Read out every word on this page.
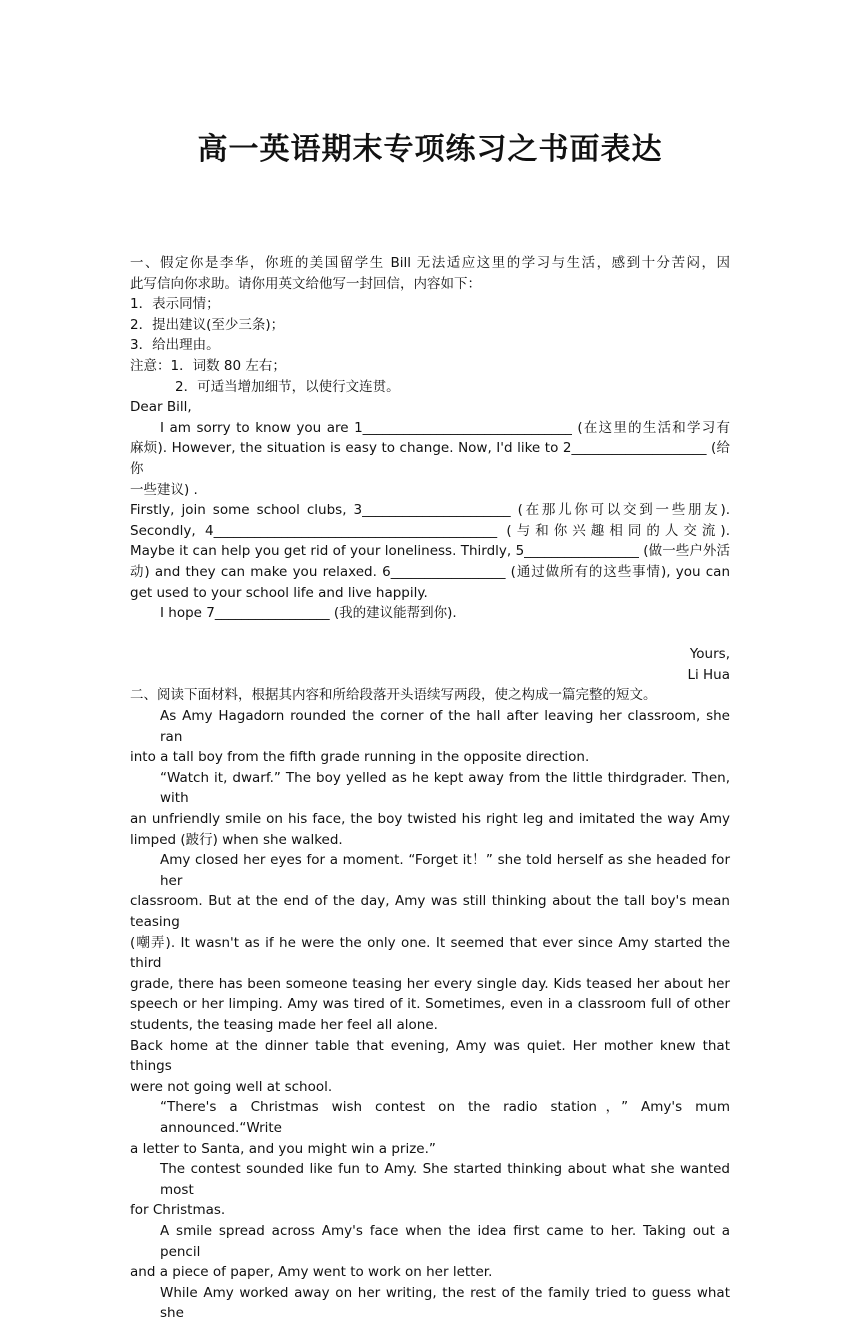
高一英语期末专项练习之书面表达
一、假定你是李华，你班的美国留学生 Bill 无法适应这里的学习与生活，感到十分苦闷，因
此写信向你求助。请你用英文给他写一封回信，内容如下：
1．表示同情；
2．提出建议(至少三条)；
3．给出理由。
注意：1．词数 80 左右；
2．可适当增加细节，以使行文连贯。
Dear Bill,
I am sorry to know you are 1_______________________________ (在这里的生活和学习有
麻烦). However, the situation is easy to change. Now, I'd like to 2____________________ (给你
一些建议) .
Firstly, join some school clubs, 3______________________ (在那儿你可以交到一些朋友).
Secondly, 4__________________________________________ (与和你兴趣相同的人交流).
Maybe it can help you get rid of your loneliness. Thirdly, 5_________________ (做一些户外活
动) and they can make you relaxed. 6_________________ (通过做所有的这些事情), you can
get used to your school life and live happily.
I hope 7_________________ (我的建议能帮到你).
Yours,
Li Hua
二、阅读下面材料，根据其内容和所给段落开头语续写两段，使之构成一篇完整的短文。
As Amy Hagadorn rounded the corner of the hall after leaving her classroom, she ran
into a tall boy from the fifth grade running in the opposite direction.
“Watch it, dwarf.” The boy yelled as he kept away from the little thirdgrader. Then, with
an unfriendly smile on his face, the boy twisted his right leg and imitated the way Amy
limped (跛行) when she walked.
Amy closed her eyes for a moment. “Forget it！” she told herself as she headed for her
classroom. But at the end of the day, Amy was still thinking about the tall boy's mean teasing
(嘲弄). It wasn't as if he were the only one. It seemed that ever since Amy started the third
grade, there has been someone teasing her every single day. Kids teased her about her
speech or her limping. Amy was tired of it. Sometimes, even in a classroom full of other
students, the teasing made her feel all alone.
Back home at the dinner table that evening, Amy was quiet. Her mother knew that things
were not going well at school.
“There's a Christmas wish contest on the radio station，” Amy's mum announced.“Write
a letter to Santa, and you might win a prize.”
The contest sounded like fun to Amy. She started thinking about what she wanted most
for Christmas.
A smile spread across Amy's face when the idea first came to her. Taking out a pencil
and a piece of paper, Amy went to work on her letter.
While Amy worked away on her writing, the rest of the family tried to guess what she
